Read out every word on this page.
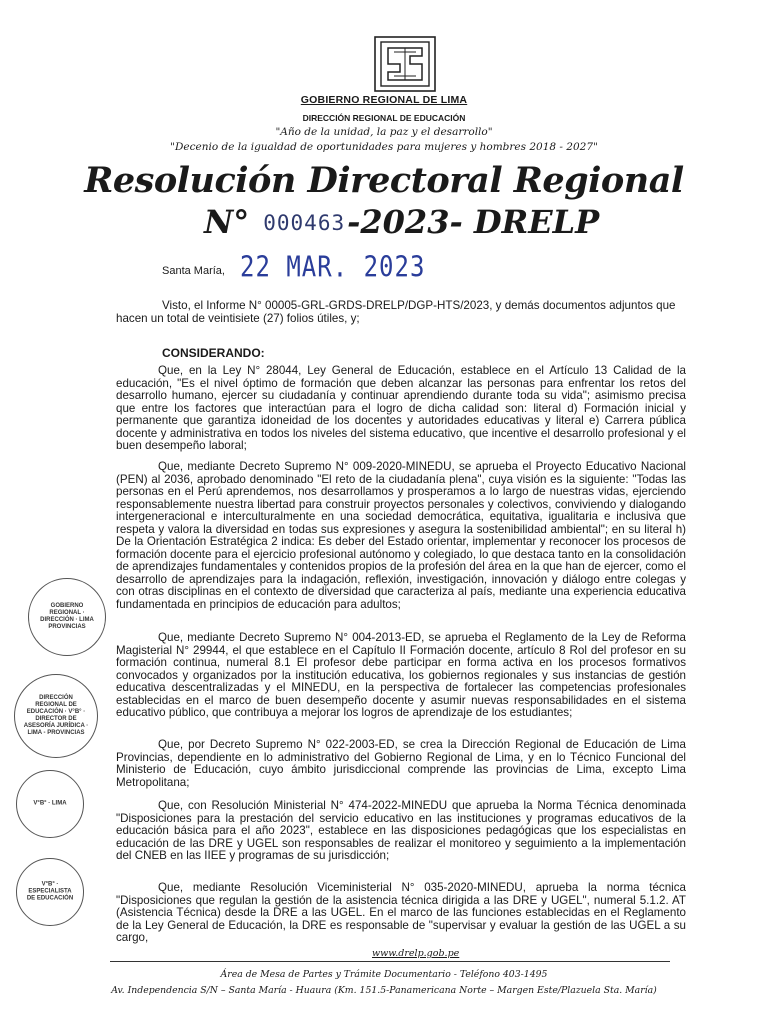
GOBIERNO REGIONAL DE LIMA
DIRECCIÓN REGIONAL DE EDUCACIÓN
"Año de la unidad, la paz y el desarrollo"
"Decenio de la igualdad de oportunidades para mujeres y hombres 2018 - 2027"
Resolución Directoral Regional
N° 000463-2023- DRELP
Santa María, 22 MAR. 2023
Visto, el Informe N° 00005-GRL-GRDS-DRELP/DGP-HTS/2023, y demás documentos adjuntos que
hacen un total de veintisiete (27) folios útiles, y;
CONSIDERANDO:

Que, en la Ley N° 28044, Ley General de Educación, establece en el Artículo 13 Calidad de la educación, "Es el nivel óptimo de formación que deben alcanzar las personas para enfrentar los retos del desarrollo humano, ejercer su ciudadanía y continuar aprendiendo durante toda su vida"; asimismo precisa que entre los factores que interactúan para el logro de dicha calidad son: literal d) Formación inicial y permanente que garantiza idoneidad de los docentes y autoridades educativas y literal e) Carrera pública docente y administrativa en todos los niveles del sistema educativo, que incentive el desarrollo profesional y el buen desempeño laboral;

Que, mediante Decreto Supremo N° 009-2020-MINEDU, se aprueba el Proyecto Educativo Nacional (PEN) al 2036, aprobado denominado "El reto de la ciudadanía plena", cuya visión es la siguiente: "Todas las personas en el Perú aprendemos, nos desarrollamos y prosperamos a lo largo de nuestras vidas, ejerciendo responsablemente nuestra libertad para construir proyectos personales y colectivos, conviviendo y dialogando intergeneracional e interculturalmente en una sociedad democrática, equitativa, igualitaria e inclusiva que respeta y valora la diversidad en todas sus expresiones y asegura la sostenibilidad ambiental"; en su literal h) De la Orientación Estratégica 2 indica: Es deber del Estado orientar, implementar y reconocer los procesos de formación docente para el ejercicio profesional autónomo y colegiado, lo que destaca tanto en la consolidación de aprendizajes fundamentales y contenidos propios de la profesión del área en la que han de ejercer, como el desarrollo de aprendizajes para la indagación, reflexión, investigación, innovación y diálogo entre colegas y con otras disciplinas en el contexto de diversidad que caracteriza al país, mediante una experiencia educativa fundamentada en principios de educación para adultos;

Que, mediante Decreto Supremo N° 004-2013-ED, se aprueba el Reglamento de la Ley de Reforma Magisterial N° 29944, el que establece en el Capítulo II Formación docente, artículo 8 Rol del profesor en su formación continua, numeral 8.1 El profesor debe participar en forma activa en los procesos formativos convocados y organizados por la institución educativa, los gobiernos regionales y sus instancias de gestión educativa descentralizadas y el MINEDU, en la perspectiva de fortalecer las competencias profesionales establecidas en el marco de buen desempeño docente y asumir nuevas responsabilidades en el sistema educativo público, que contribuya a mejorar los logros de aprendizaje de los estudiantes;

Que, por Decreto Supremo N° 022-2003-ED, se crea la Dirección Regional de Educación de Lima Provincias, dependiente en lo administrativo del Gobierno Regional de Lima, y en lo Técnico Funcional del Ministerio de Educación, cuyo ámbito jurisdiccional comprende las provincias de Lima, excepto Lima Metropolitana;

Que, con Resolución Ministerial N° 474-2022-MINEDU que aprueba la Norma Técnica denominada "Disposiciones para la prestación del servicio educativo en las instituciones y programas educativos de la educación básica para el año 2023", establece en las disposiciones pedagógicas que los especialistas en educación de las DRE y UGEL son responsables de realizar el monitoreo y seguimiento a la implementación del CNEB en las IIEE y programas de su jurisdicción;

Que, mediante Resolución Viceministerial N° 035-2020-MINEDU, aprueba la norma técnica "Disposiciones que regulan la gestión de la asistencia técnica dirigida a las DRE y UGEL", numeral 5.1.2. AT (Asistencia Técnica) desde la DRE a las UGEL. En el marco de las funciones establecidas en el Reglamento de la Ley General de Educación, la DRE es responsable de "supervisar y evaluar la gestión de las UGEL a su cargo,

GOBIERNO REGIONAL · DIRECCIÓN · LIMA PROVINCIAS
DIRECCIÓN REGIONAL DE EDUCACIÓN · V°B° · DIRECTOR DE ASESORÍA JURÍDICA · LIMA - PROVINCIAS
V°B° · LIMA
V°B° · ESPECIALISTA DE EDUCACIÓN
www.drelp.gob.pe
Área de Mesa de Partes y Trámite Documentario - Teléfono 403-1495
Av. Independencia S/N – Santa María - Huaura (Km. 151.5-Panamericana Norte – Margen Este/Plazuela Sta. María)
